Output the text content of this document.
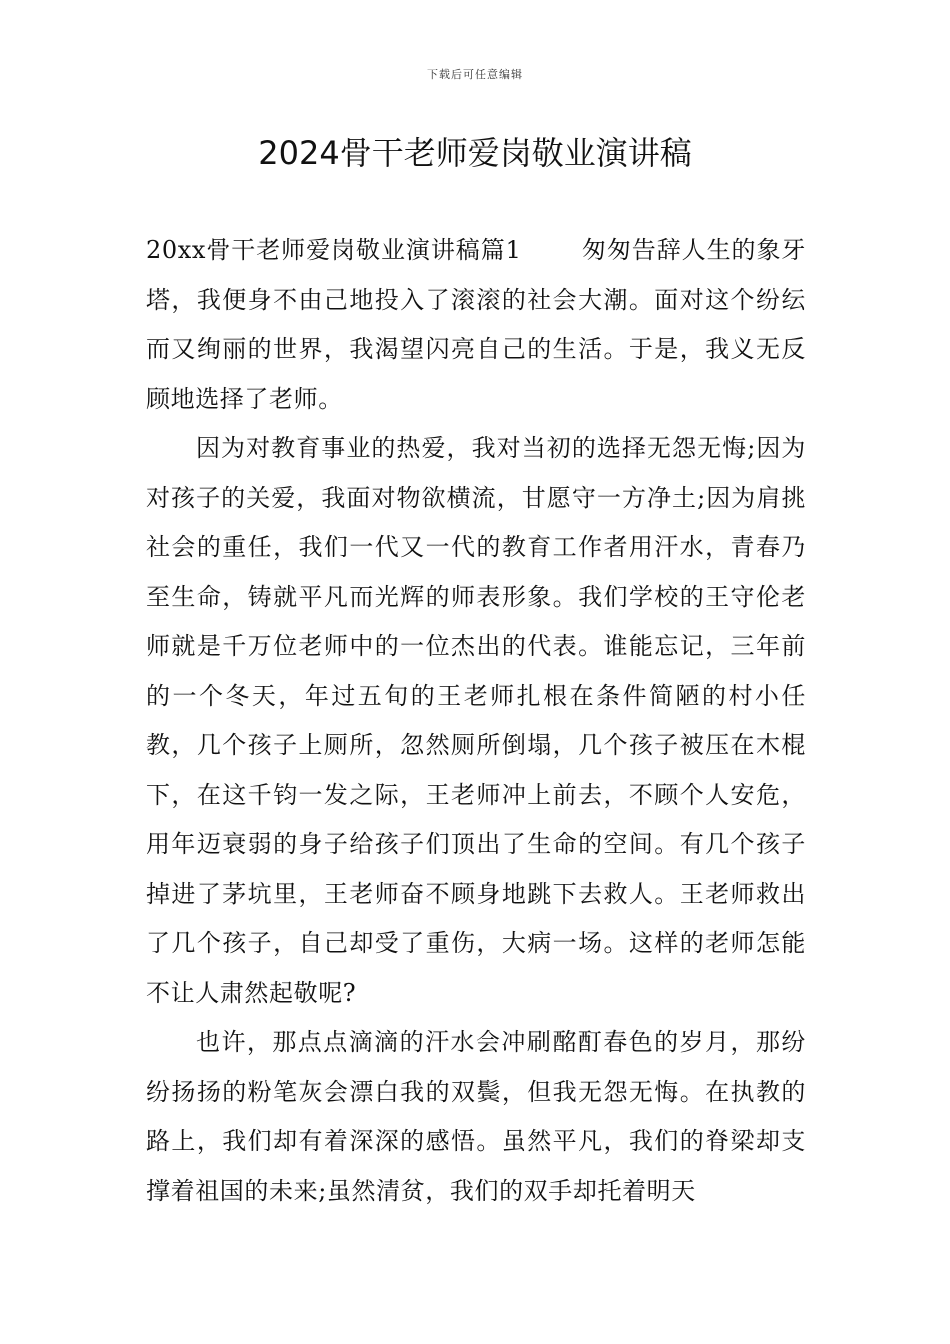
下载后可任意编辑
2024骨干老师爱岗敬业演讲稿

20xx骨干老师爱岗敬业演讲稿篇1	匆匆告辞人生的象牙塔，我便身不由己地投入了滚滚的社会大潮。面对这个纷纭而又绚丽的世界，我渴望闪亮自己的生活。于是，我义无反顾地选择了老师。

因为对教育事业的热爱，我对当初的选择无怨无悔;因为对孩子的关爱，我面对物欲横流，甘愿守一方净土;因为肩挑社会的重任，我们一代又一代的教育工作者用汗水，青春乃至生命，铸就平凡而光辉的师表形象。我们学校的王守伦老师就是千万位老师中的一位杰出的代表。谁能忘记，三年前的一个冬天，年过五旬的王老师扎根在条件简陋的村小任教，几个孩子上厕所，忽然厕所倒塌，几个孩子被压在木棍下，在这千钧一发之际，王老师冲上前去，不顾个人安危，用年迈衰弱的身子给孩子们顶出了生命的空间。有几个孩子掉进了茅坑里，王老师奋不顾身地跳下去救人。王老师救出了几个孩子，自己却受了重伤，大病一场。这样的老师怎能不让人肃然起敬呢?

也许，那点点滴滴的汗水会冲刷酩酊春色的岁月，那纷纷扬扬的粉笔灰会漂白我的双鬓，但我无怨无悔。在执教的路上，我们却有着深深的感悟。虽然平凡，我们的脊梁却支撑着祖国的未来;虽然清贫，我们的双手却托着明天
